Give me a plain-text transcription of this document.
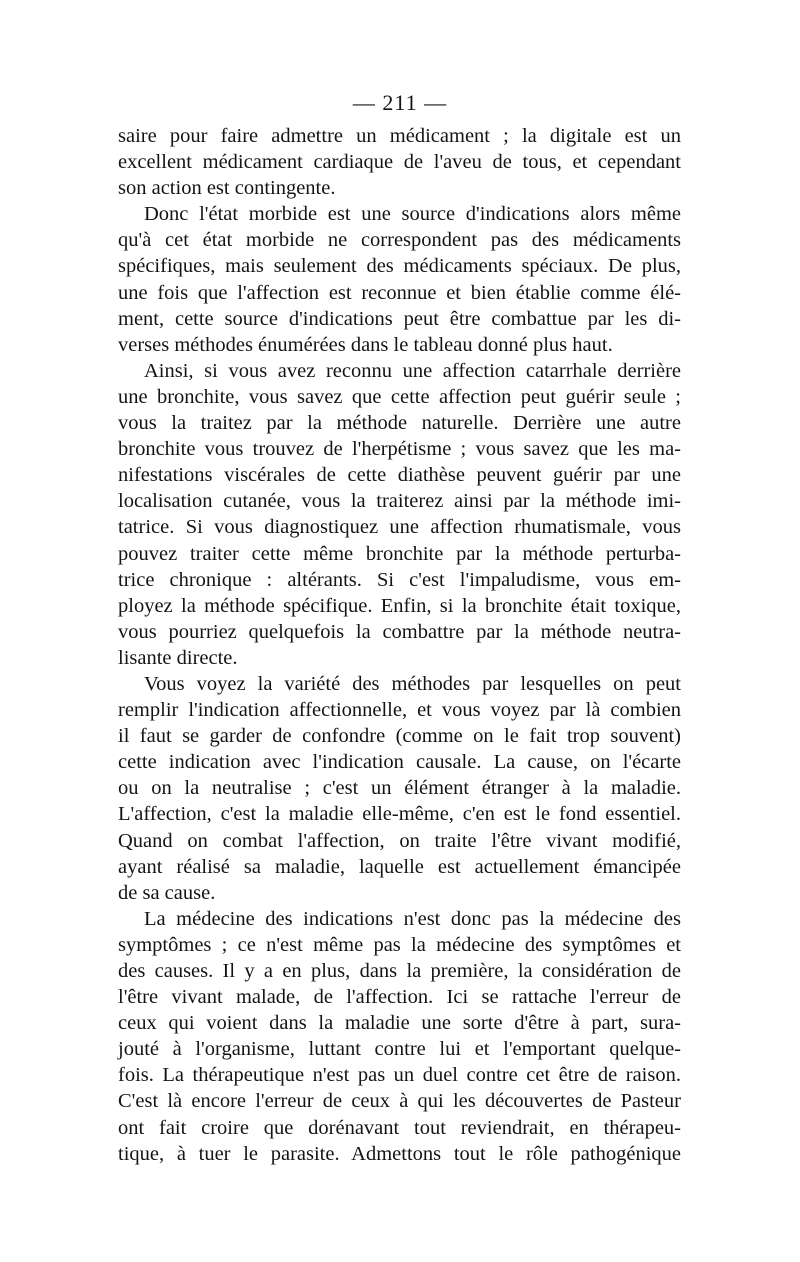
— 211 —

saire pour faire admettre un médicament ; la digitale est un
excellent médicament cardiaque de l'aveu de tous, et cependant
son action est contingente.

Donc l'état morbide est une source d'indications alors même
qu'à cet état morbide ne correspondent pas des médicaments
spécifiques, mais seulement des médicaments spéciaux. De plus,
une fois que l'affection est reconnue et bien établie comme élé-
ment, cette source d'indications peut être combattue par les di-
verses méthodes énumérées dans le tableau donné plus haut.

Ainsi, si vous avez reconnu une affection catarrhale derrière
une bronchite, vous savez que cette affection peut guérir seule ;
vous la traitez par la méthode naturelle. Derrière une autre
bronchite vous trouvez de l'herpétisme ; vous savez que les ma-
nifestations viscérales de cette diathèse peuvent guérir par une
localisation cutanée, vous la traiterez ainsi par la méthode imi-
tatrice. Si vous diagnostiquez une affection rhumatismale, vous
pouvez traiter cette même bronchite par la méthode perturba-
trice chronique : altérants. Si c'est l'impaludisme, vous em-
ployez la méthode spécifique. Enfin, si la bronchite était toxique,
vous pourriez quelquefois la combattre par la méthode neutra-
lisante directe.

Vous voyez la variété des méthodes par lesquelles on peut
remplir l'indication affectionnelle, et vous voyez par là combien
il faut se garder de confondre (comme on le fait trop souvent)
cette indication avec l'indication causale. La cause, on l'écarte
ou on la neutralise ; c'est un élément étranger à la maladie.
L'affection, c'est la maladie elle-même, c'en est le fond essentiel.
Quand on combat l'affection, on traite l'être vivant modifié,
ayant réalisé sa maladie, laquelle est actuellement émancipée
de sa cause.

La médecine des indications n'est donc pas la médecine des
symptômes ; ce n'est même pas la médecine des symptômes et
des causes. Il y a en plus, dans la première, la considération de
l'être vivant malade, de l'affection. Ici se rattache l'erreur de
ceux qui voient dans la maladie une sorte d'être à part, sura-
jouté à l'organisme, luttant contre lui et l'emportant quelque-
fois. La thérapeutique n'est pas un duel contre cet être de raison.
C'est là encore l'erreur de ceux à qui les découvertes de Pasteur
ont fait croire que dorénavant tout reviendrait, en thérapeu-
tique, à tuer le parasite. Admettons tout le rôle pathogénique
